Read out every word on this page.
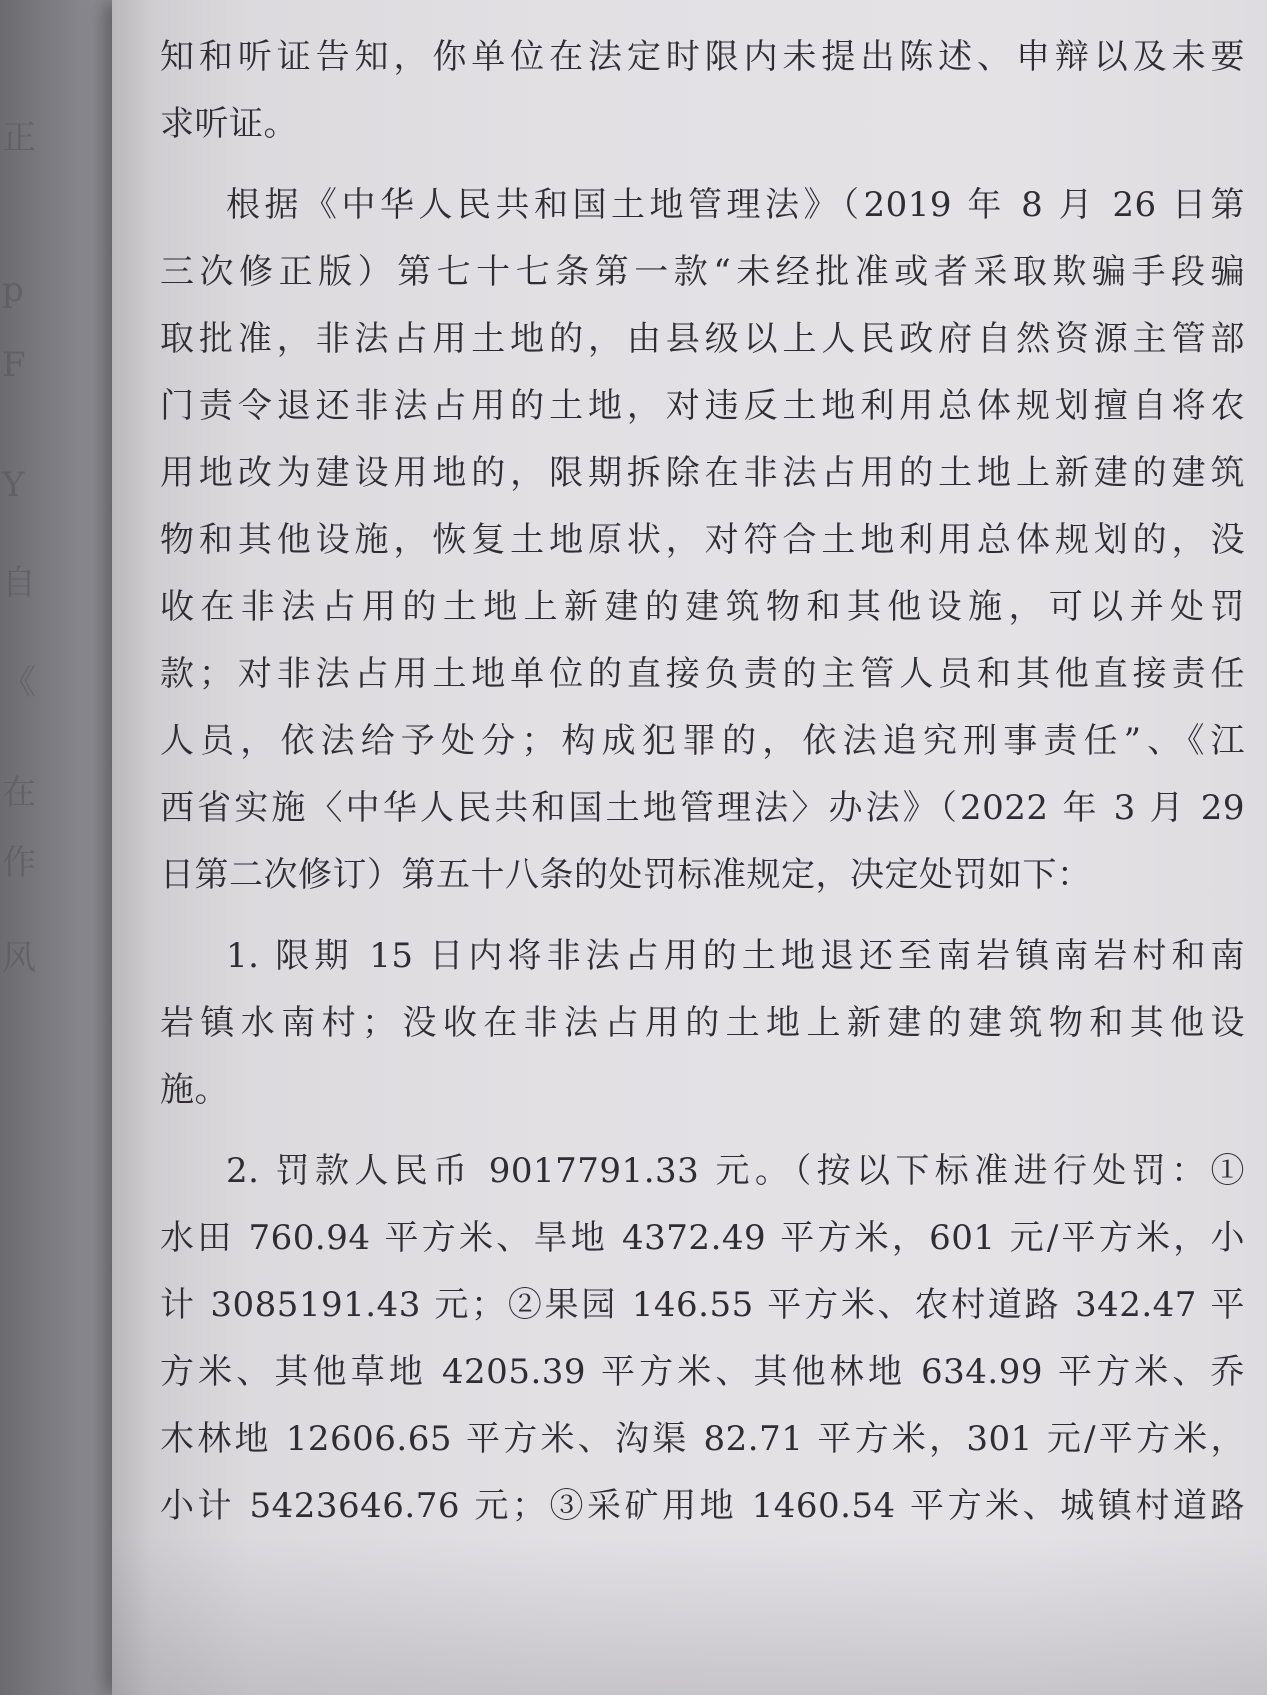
正
p
F
Y
自
《
在
作
风
知和听证告知，你单位在法定时限内未提出陈述、申辩以及未要
求听证。
根据《中华人民共和国土地管理法》（2019 年 8 月 26 日第
三次修正版）第七十七条第一款“未经批准或者采取欺骗手段骗
取批准，非法占用土地的，由县级以上人民政府自然资源主管部
门责令退还非法占用的土地，对违反土地利用总体规划擅自将农
用地改为建设用地的，限期拆除在非法占用的土地上新建的建筑
物和其他设施，恢复土地原状，对符合土地利用总体规划的，没
收在非法占用的土地上新建的建筑物和其他设施，可以并处罚
款；对非法占用土地单位的直接负责的主管人员和其他直接责任
人员，依法给予处分；构成犯罪的，依法追究刑事责任”、《江
西省实施〈中华人民共和国土地管理法〉办法》（2022 年 3 月 29
日第二次修订）第五十八条的处罚标准规定，决定处罚如下：
1. 限期 15 日内将非法占用的土地退还至南岩镇南岩村和南
岩镇水南村；没收在非法占用的土地上新建的建筑物和其他设
施。
2. 罚款人民币 9017791.33 元。（按以下标准进行处罚：①
水田 760.94 平方米、旱地 4372.49 平方米，601 元/平方米，小
计 3085191.43 元；②果园 146.55 平方米、农村道路 342.47 平
方米、其他草地 4205.39 平方米、其他林地 634.99 平方米、乔
木林地 12606.65 平方米、沟渠 82.71 平方米，301 元/平方米，
小计 5423646.76 元；③采矿用地 1460.54 平方米、城镇村道路
